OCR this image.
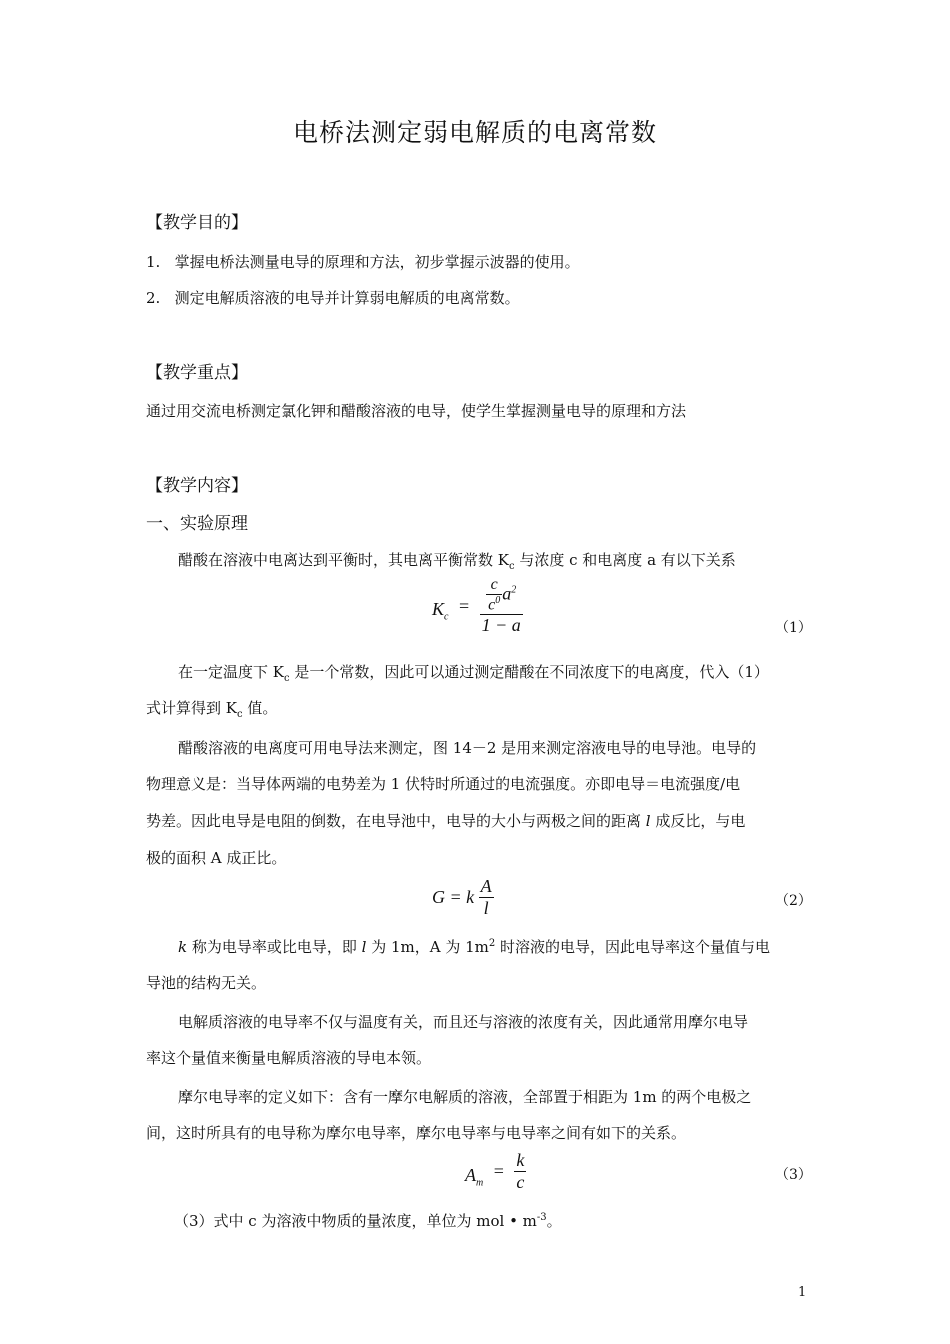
电桥法测定弱电解质的电离常数
【教学目的】
1. 掌握电桥法测量电导的原理和方法，初步掌握示波器的使用。
2. 测定电解质溶液的电导并计算弱电解质的电离常数。
【教学重点】
通过用交流电桥测定氯化钾和醋酸溶液的电导，使学生掌握测量电导的原理和方法
【教学内容】
一、实验原理
醋酸在溶液中电离达到平衡时，其电离平衡常数 $K_c$ 与浓度 c 和电离度 a 有以下关系
$K_c = \frac{\frac{c}{c^0} a^2}{1 - a}$	（1）
在一定温度下 $K_c$ 是一个常数，因此可以通过测定醋酸在不同浓度下的电离度，代入（1）
式计算得到 $K_c$ 值。
醋酸溶液的电离度可用电导法来测定，图 14－2 是用来测定溶液电导的电导池。电导的
物理意义是：当导体两端的电势差为 1 伏特时所通过的电流强度。亦即电导＝电流强度/电
势差。因此电导是电阻的倒数，在电导池中，电导的大小与两极之间的距离 l 成反比，与电
极的面积 A 成正比。
G = k $\frac{A}{l}$	（2）
k 称为电导率或比电导，即 l 为 1m，A 为 $1m^2$ 时溶液的电导，因此电导率这个量值与电
导池的结构无关。
电解质溶液的电导率不仅与温度有关，而且还与溶液的浓度有关，因此通常用摩尔电导
率这个量值来衡量电解质溶液的导电本领。
摩尔电导率的定义如下：含有一摩尔电解质的溶液，全部置于相距为 1m 的两个电极之
间，这时所具有的电导称为摩尔电导率，摩尔电导率与电导率之间有如下的关系。
$A_m = \frac{k}{c}$	（3）
（3）式中 c 为溶液中物质的量浓度，单位为 mol • $m^{-3}$。
1
